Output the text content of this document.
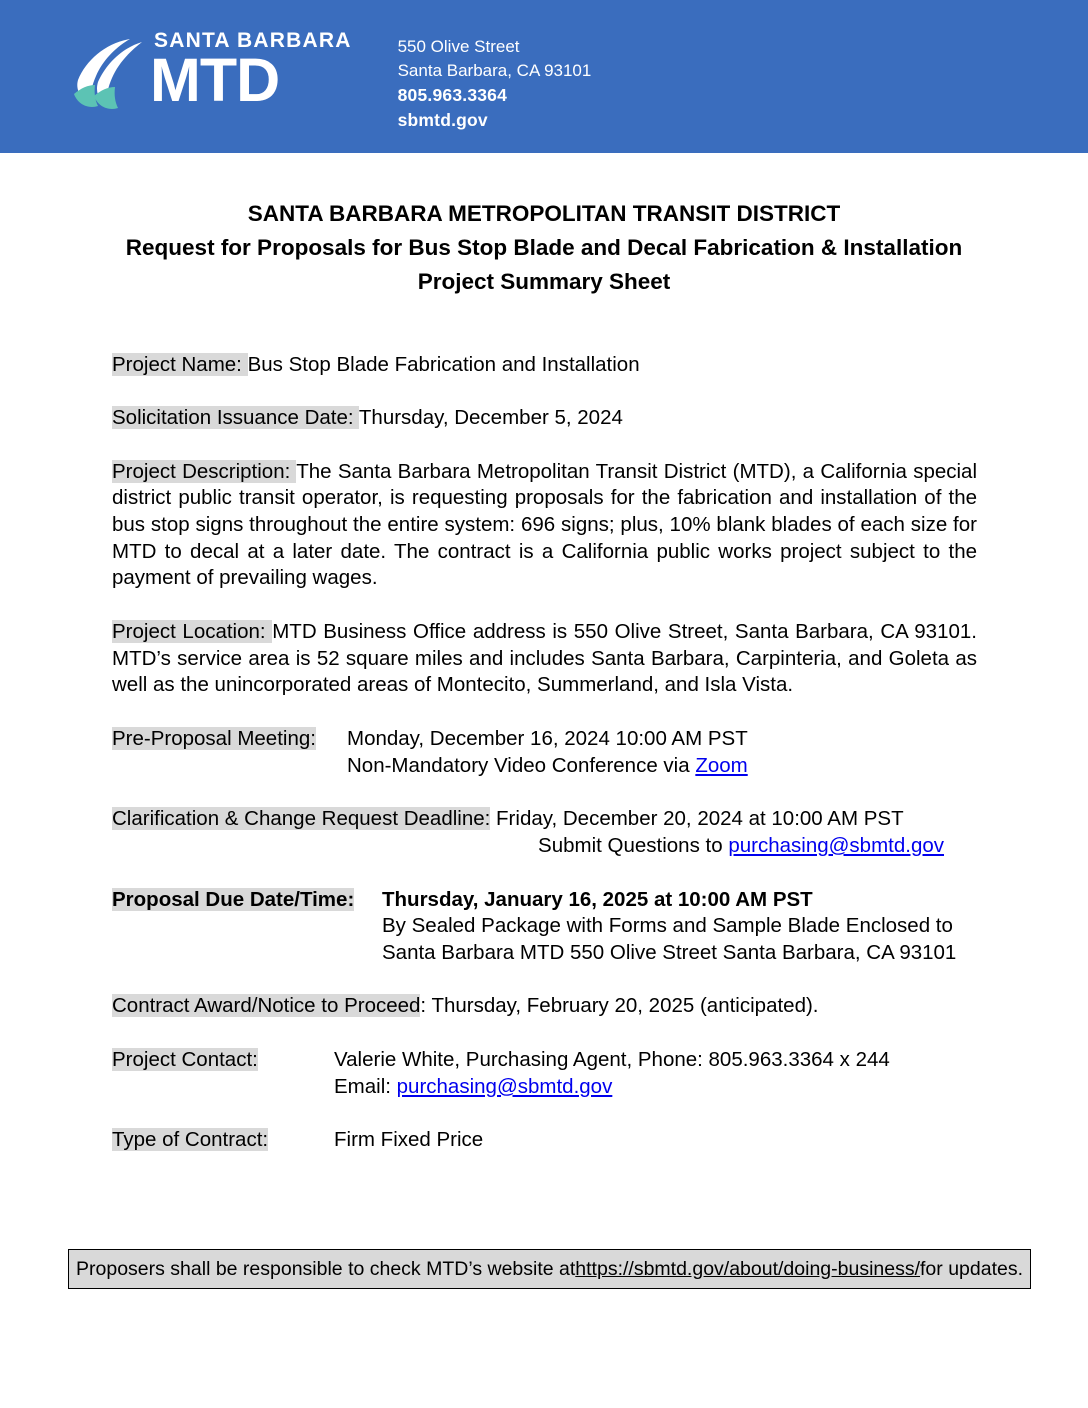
SANTA BARBARA
MTD	550 Olive Street
Santa Barbara, CA 93101
805.963.3364
sbmtd.gov
SANTA BARBARA METROPOLITAN TRANSIT DISTRICT
Request for Proposals for Bus Stop Blade and Decal Fabrication & Installation
Project Summary Sheet
Project Name: Bus Stop Blade Fabrication and Installation
Solicitation Issuance Date: Thursday, December 5, 2024
Project Description: The Santa Barbara Metropolitan Transit District (MTD), a California special district public transit operator, is requesting proposals for the fabrication and installation of the bus stop signs throughout the entire system: 696 signs; plus, 10% blank blades of each size for MTD to decal at a later date. The contract is a California public works project subject to the payment of prevailing wages.
Project Location: MTD Business Office address is 550 Olive Street, Santa Barbara, CA 93101. MTD’s service area is 52 square miles and includes Santa Barbara, Carpinteria, and Goleta as well as the unincorporated areas of Montecito, Summerland, and Isla Vista.
Pre-Proposal Meeting:	Monday, December 16, 2024 10:00 AM PST
Non-Mandatory Video Conference via Zoom
Clarification & Change Request Deadline: Friday, December 20, 2024 at 10:00 AM PST
Submit Questions to purchasing@sbmtd.gov
Proposal Due Date/Time:	Thursday, January 16, 2025 at 10:00 AM PST
By Sealed Package with Forms and Sample Blade Enclosed to
Santa Barbara MTD 550 Olive Street Santa Barbara, CA 93101
Contract Award/Notice to Proceed: Thursday, February 20, 2025 (anticipated).
Project Contact:	Valerie White, Purchasing Agent, Phone: 805.963.3364 x 244
Email: purchasing@sbmtd.gov
Type of Contract:	Firm Fixed Price
Proposers shall be responsible to check MTD’s website at https://sbmtd.gov/about/doing-business/ for updates.
